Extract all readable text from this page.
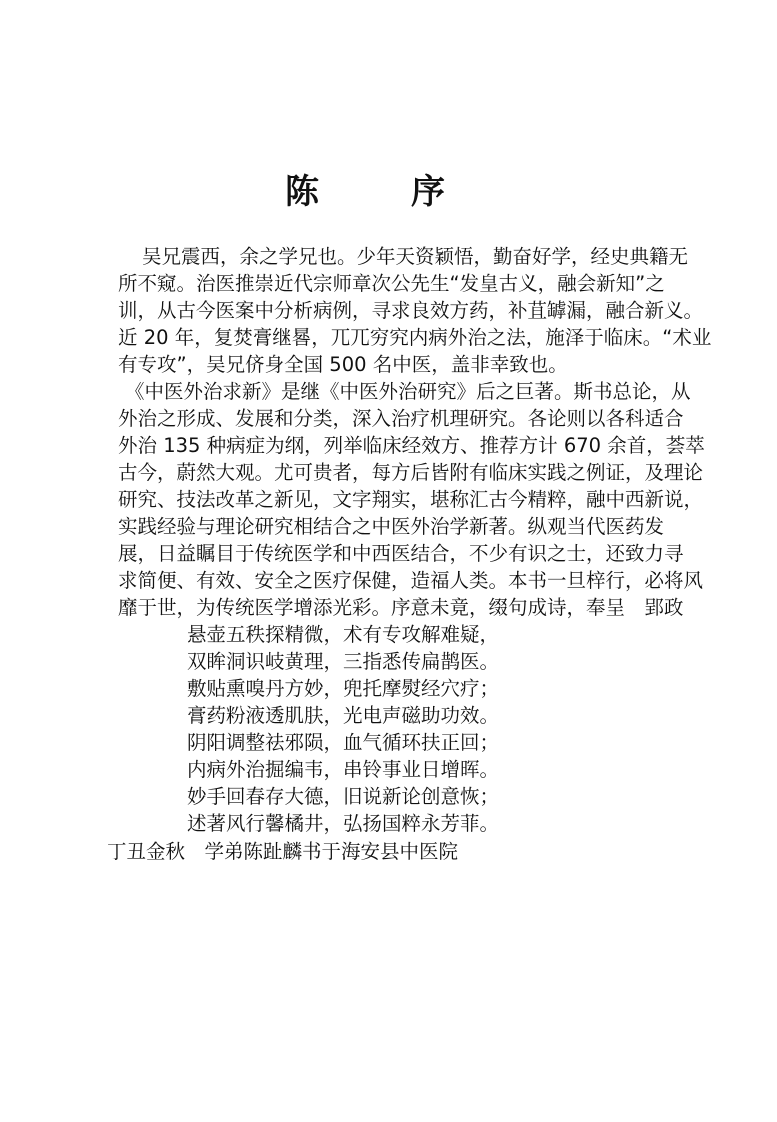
陈	序
吴兄震西，余之学兄也。少年天资颖悟，勤奋好学，经史典籍无
所不窥。治医推崇近代宗师章次公先生“发皇古义，融会新知”之
训，从古今医案中分析病例，寻求良效方药，补苴罅漏，融合新义。
近 20 年，复焚膏继晷，兀兀穷究内病外治之法，施泽于临床。“术业
有专攻”，吴兄侪身全国 500 名中医，盖非幸致也。
《中医外治求新》是继《中医外治研究》后之巨著。斯书总论，从
外治之形成、发展和分类，深入治疗机理研究。各论则以各科适合
外治 135 种病症为纲，列举临床经效方、推荐方计 670 余首，荟萃
古今，蔚然大观。尤可贵者，每方后皆附有临床实践之例证，及理论
研究、技法改革之新见，文字翔实，堪称汇古今精粹，融中西新说，
实践经验与理论研究相结合之中医外治学新著。纵观当代医药发
展，日益瞩目于传统医学和中西医结合，不少有识之士，还致力寻
求简便、有效、安全之医疗保健，造福人类。本书一旦梓行，必将风
靡于世，为传统医学增添光彩。序意未竟，缀句成诗，奉呈　郢政
悬壶五秩探精微，术有专攻解难疑，
双眸洞识岐黄理，三指悉传扁鹊医。
敷贴熏嗅丹方妙，兜托摩熨经穴疗；
膏药粉液透肌肤，光电声磁助功效。
阴阳调整祛邪陨，血气循环扶正回；
内病外治掘编韦，串铃事业日增晖。
妙手回春存大德，旧说新论创意恢；
述著风行馨橘井，弘扬国粹永芳菲。
丁丑金秋　学弟陈趾麟书于海安县中医院
